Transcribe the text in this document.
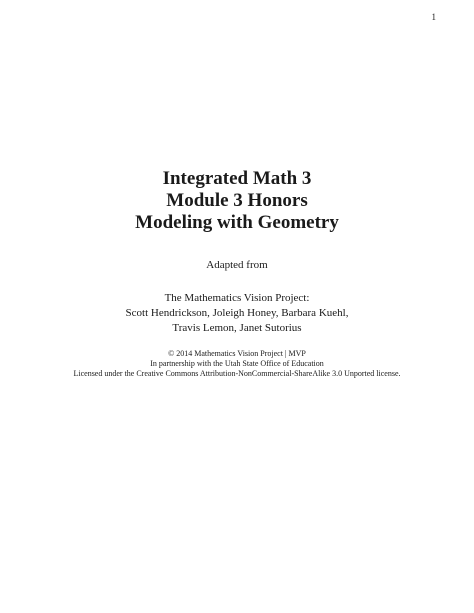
1
Integrated Math 3
Module 3 Honors
Modeling with Geometry
Adapted from
The Mathematics Vision Project:
Scott Hendrickson, Joleigh Honey, Barbara Kuehl,
Travis Lemon, Janet Sutorius
© 2014 Mathematics Vision Project | MVP
In partnership with the Utah State Office of Education
Licensed under the Creative Commons Attribution-NonCommercial-ShareAlike 3.0 Unported license.
